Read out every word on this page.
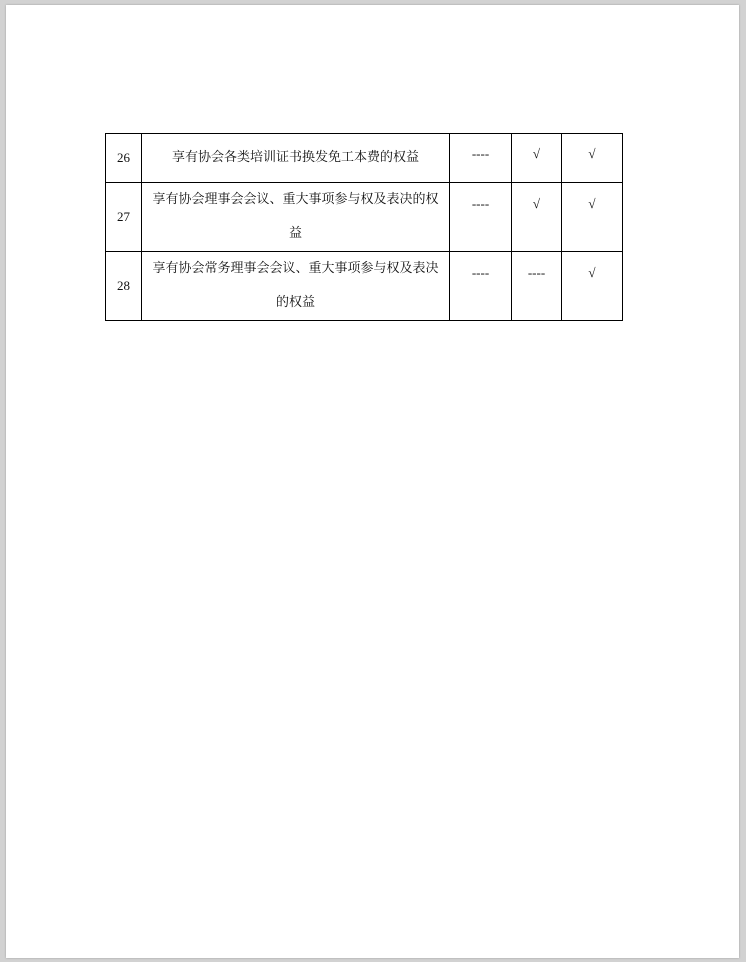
26	享有协会各类培训证书换发免工本费的权益	----	√	√
27	享有协会理事会会议、重大事项参与权及表决的权益	----	√	√
28	享有协会常务理事会会议、重大事项参与权及表决的权益	----	----	√
